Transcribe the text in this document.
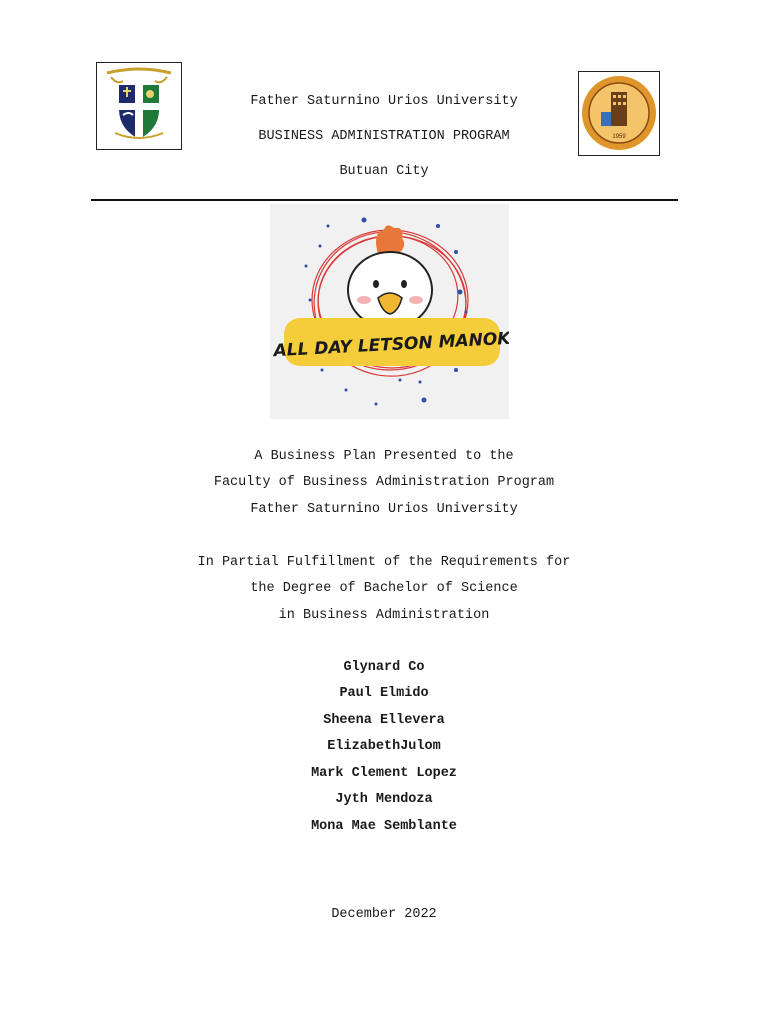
Father Saturnino Urios University
BUSINESS ADMINISTRATION PROGRAM
Butuan City
1959
ALL DAY LETSON MANOK
A Business Plan Presented to the
Faculty of Business Administration Program
Father Saturnino Urios University
In Partial Fulfillment of the Requirements for
the Degree of Bachelor of Science
in Business Administration
Glynard Co
Paul Elmido
Sheena Ellevera
ElizabethJulom
Mark Clement Lopez
Jyth Mendoza
Mona Mae Semblante
December 2022
